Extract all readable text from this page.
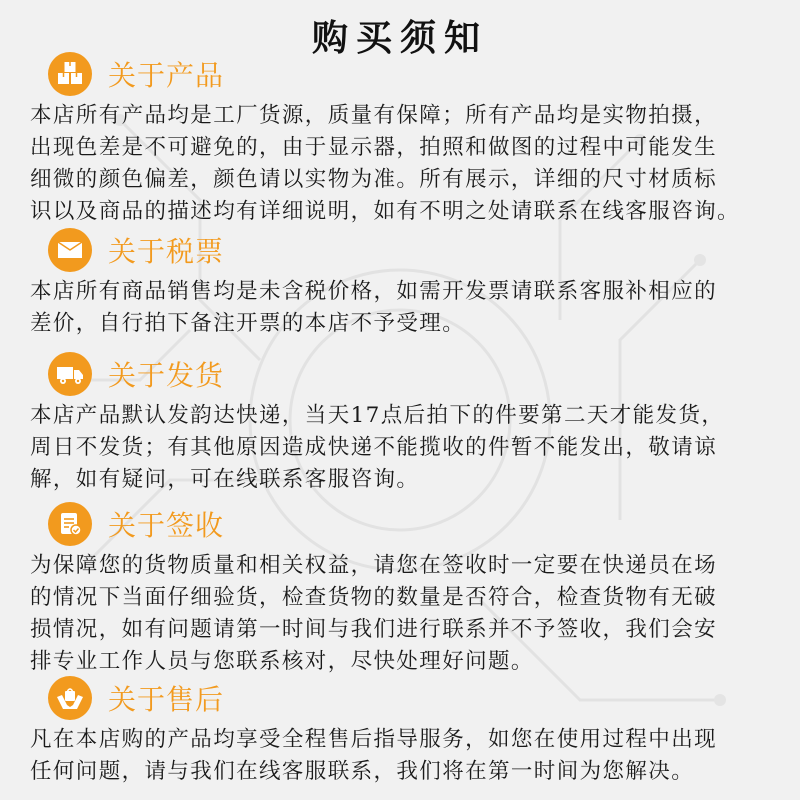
购买须知
关于产品
本店所有产品均是工厂货源，质量有保障；所有产品均是实物拍摄，
出现色差是不可避免的，由于显示器，拍照和做图的过程中可能发生
细微的颜色偏差，颜色请以实物为准。所有展示，详细的尺寸材质标
识以及商品的描述均有详细说明，如有不明之处请联系在线客服咨询。
关于税票
本店所有商品销售均是未含税价格，如需开发票请联系客服补相应的
差价，自行拍下备注开票的本店不予受理。
关于发货
本店产品默认发韵达快递，当天17点后拍下的件要第二天才能发货，
周日不发货；有其他原因造成快递不能揽收的件暂不能发出，敬请谅
解，如有疑问，可在线联系客服咨询。
关于签收
为保障您的货物质量和相关权益，请您在签收时一定要在快递员在场
的情况下当面仔细验货，检查货物的数量是否符合，检查货物有无破
损情况，如有问题请第一时间与我们进行联系并不予签收，我们会安
排专业工作人员与您联系核对，尽快处理好问题。
关于售后
凡在本店购的产品均享受全程售后指导服务，如您在使用过程中出现
任何问题，请与我们在线客服联系，我们将在第一时间为您解决。
